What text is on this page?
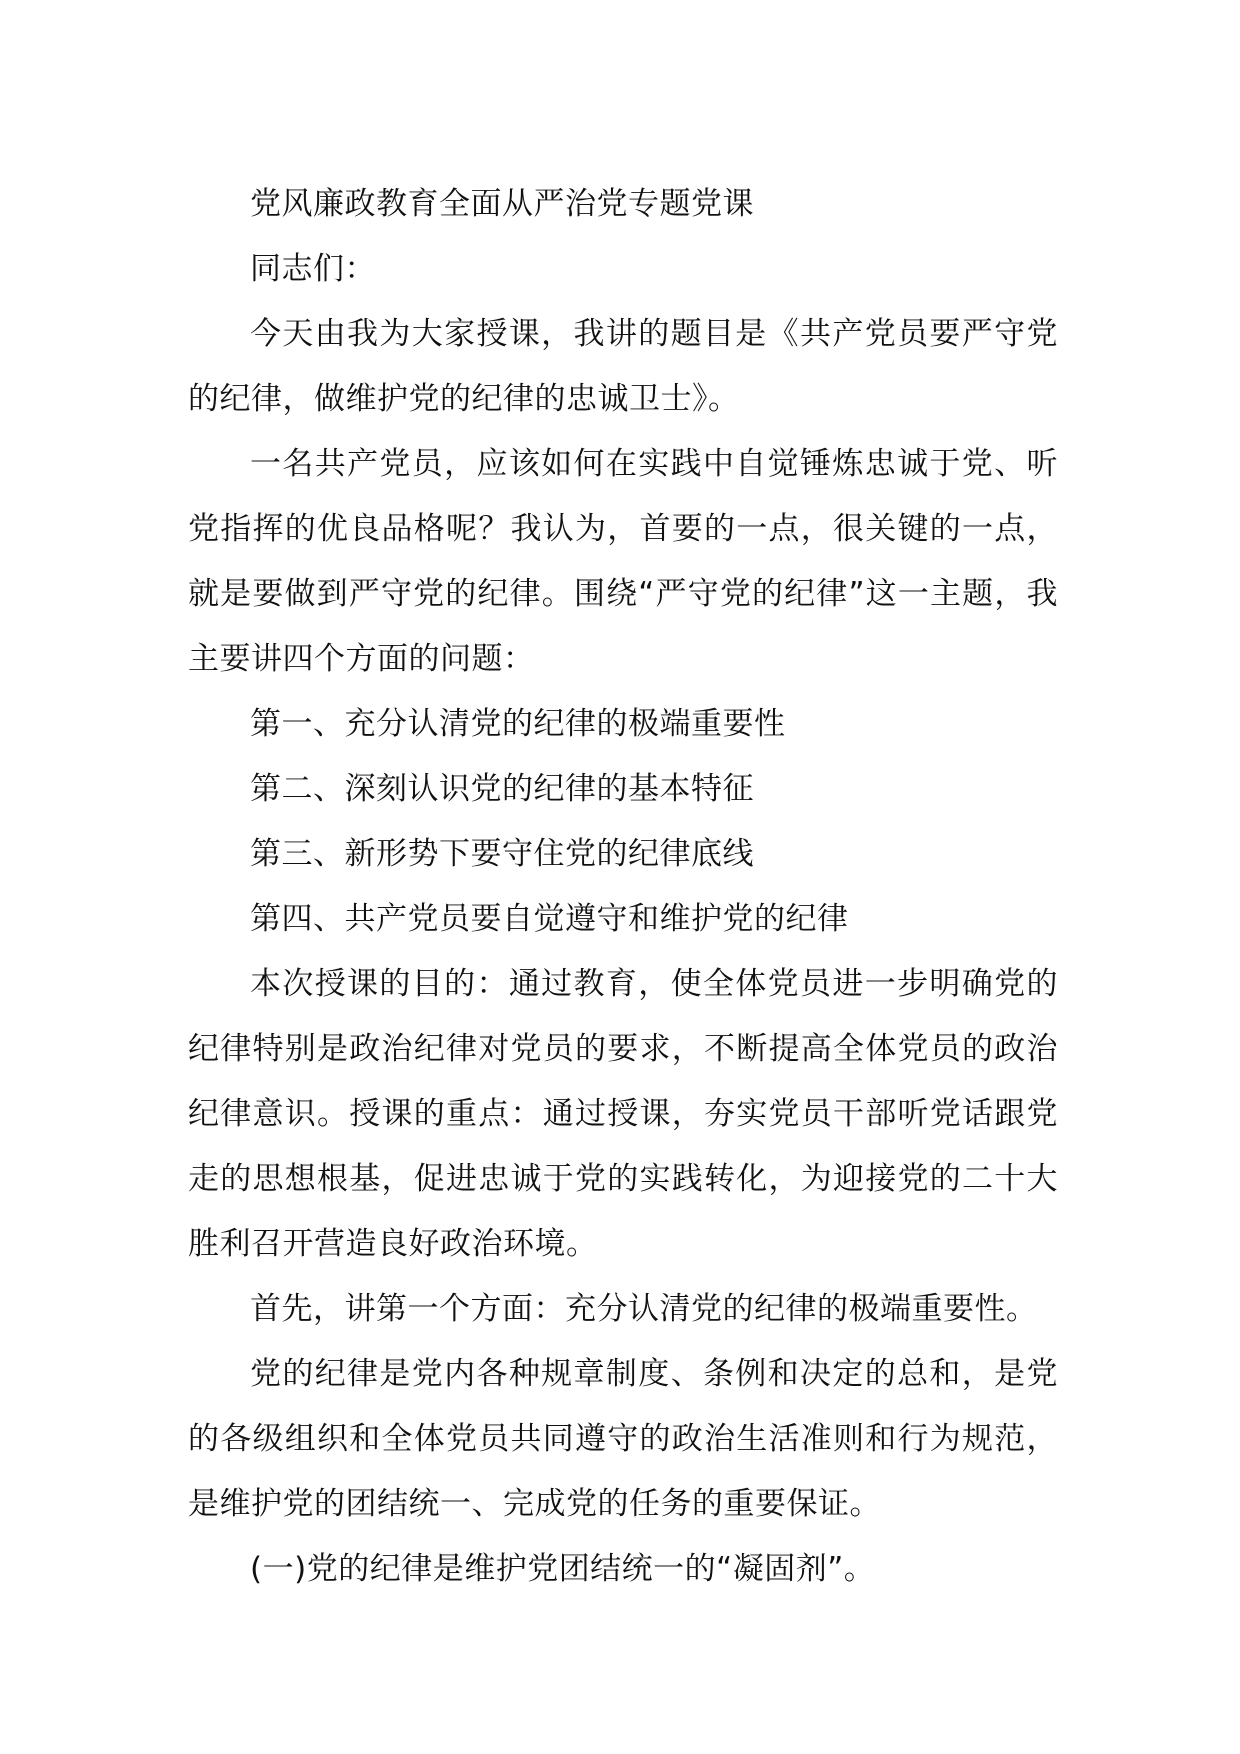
党风廉政教育全面从严治党专题党课

同志们：

今天由我为大家授课，我讲的题目是《共产党员要严守党的纪律，做维护党的纪律的忠诚卫士》。

一名共产党员，应该如何在实践中自觉锤炼忠诚于党、听党指挥的优良品格呢？我认为，首要的一点，很关键的一点，就是要做到严守党的纪律。围绕“严守党的纪律”这一主题，我主要讲四个方面的问题：

第一、充分认清党的纪律的极端重要性

第二、深刻认识党的纪律的基本特征

第三、新形势下要守住党的纪律底线

第四、共产党员要自觉遵守和维护党的纪律

本次授课的目的：通过教育，使全体党员进一步明确党的纪律特别是政治纪律对党员的要求，不断提高全体党员的政治纪律意识。授课的重点：通过授课，夯实党员干部听党话跟党走的思想根基，促进忠诚于党的实践转化，为迎接党的二十大胜利召开营造良好政治环境。

首先，讲第一个方面：充分认清党的纪律的极端重要性。

党的纪律是党内各种规章制度、条例和决定的总和，是党的各级组织和全体党员共同遵守的政治生活准则和行为规范，是维护党的团结统一、完成党的任务的重要保证。

(一)党的纪律是维护党团结统一的“凝固剂”。
